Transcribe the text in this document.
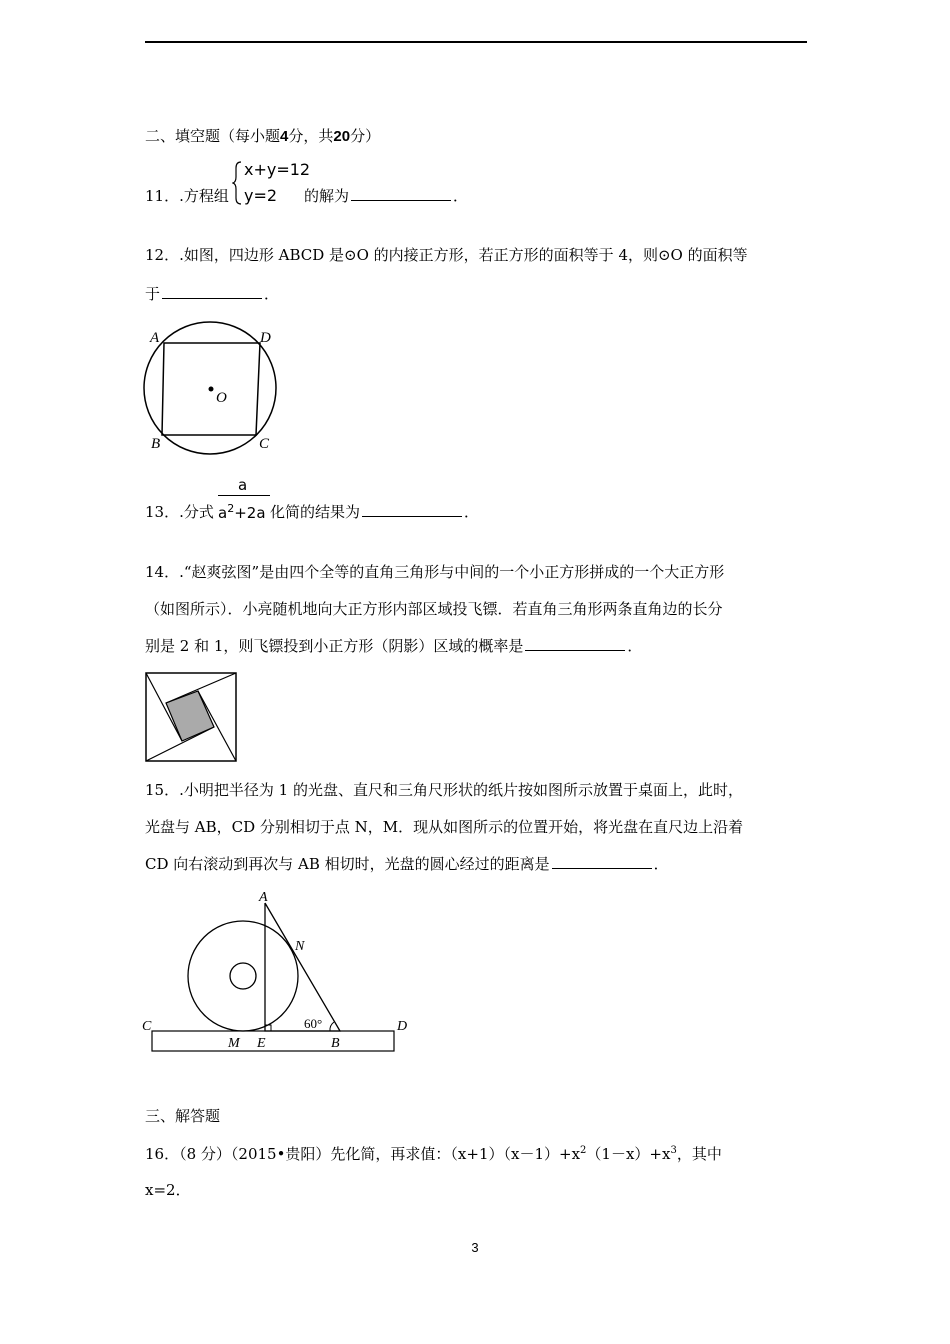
二、填空题（每小题4分，共20分）
11．.方程组
x+y=12
y=2 的解为	．
12．.如图，四边形 ABCD 是⊙O 的内接正方形，若正方形的面积等于 4，则⊙O 的面积等
于	．
A	D
B	C
O
13．.分式
a
$a^2+2a$ 化简的结果为	．
14．.“赵爽弦图”是由四个全等的直角三角形与中间的一个小正方形拼成的一个大正方形
（如图所示）．小亮随机地向大正方形内部区域投飞镖．若直角三角形两条直角边的长分
别是 2 和 1，则飞镖投到小正方形（阴影）区域的概率是	．
15．.小明把半径为 1 的光盘、直尺和三角尺形状的纸片按如图所示放置于桌面上，此时，
光盘与 AB，CD 分别相切于点 N，M．现从如图所示的位置开始，将光盘在直尺边上沿着
CD 向右滚动到再次与 AB 相切时，光盘的圆心经过的距离是	．
A
N
C	D
M E	B
60°
三、解答题
16．（8 分）（2015•贵阳）先化简，再求值：$(x+1)(x-1)+x^2(1-x)+x^3$，其中
x=2．
3
